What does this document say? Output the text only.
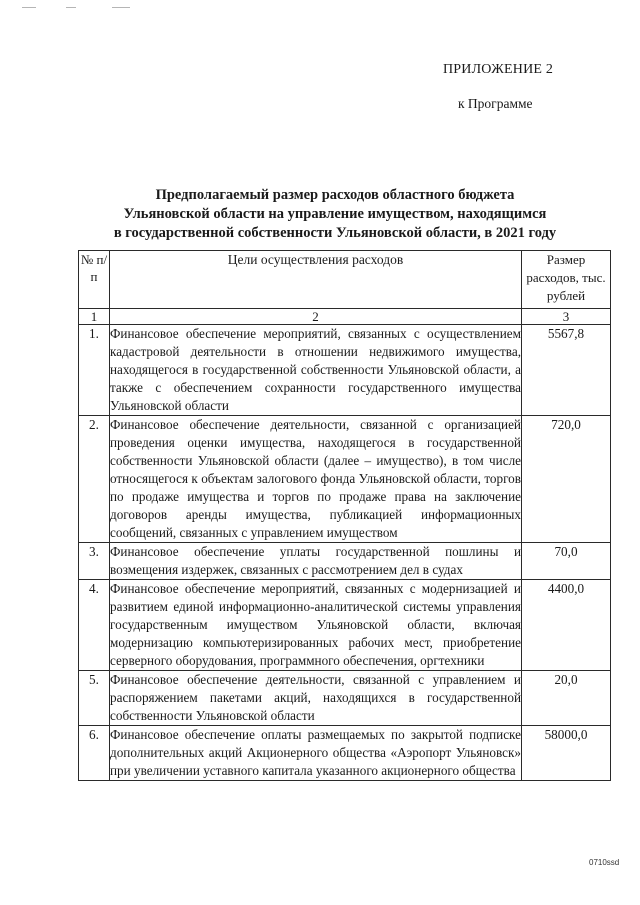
ПРИЛОЖЕНИЕ 2
к Программе
Предполагаемый размер расходов областного бюджета
Ульяновской области на управление имуществом, находящимся
в государственной собственности Ульяновской области, в 2021 году
№ п/п	Цели осуществления расходов	Размер расходов, тыс. рублей
1	2	3
1.	Финансовое обеспечение мероприятий, связанных с осуществлением кадастровой деятельности в отношении недвижимого имущества, находящегося в государственной собственности Ульяновской области, а также с обеспечением сохранности государственного имущества Ульяновской области	5567,8
2.	Финансовое обеспечение деятельности, связанной с организацией проведения оценки имущества, находящегося в государственной собственности Ульяновской области (далее – имущество), в том числе относящегося к объектам залогового фонда Ульяновской области, торгов по продаже имущества и торгов по продаже права на заключение договоров аренды имущества, публикацией информационных сообщений, связанных с управлением имуществом	720,0
3.	Финансовое обеспечение уплаты государственной пошлины и возмещения издержек, связанных с рассмотрением дел в судах	70,0
4.	Финансовое обеспечение мероприятий, связанных с модернизацией и развитием единой информационно-аналитической системы управления государственным имуществом Ульяновской области, включая модернизацию компьютеризированных рабочих мест, приобретение серверного оборудования, программного обеспечения, оргтехники	4400,0
5.	Финансовое обеспечение деятельности, связанной с управлением и распоряжением пакетами акций, находящихся в государственной собственности Ульяновской области	20,0
6.	Финансовое обеспечение оплаты размещаемых по закрытой подписке дополнительных акций Акционерного общества «Аэропорт Ульяновск» при увеличении уставного капитала указанного акционерного общества	58000,0
0710ssd
